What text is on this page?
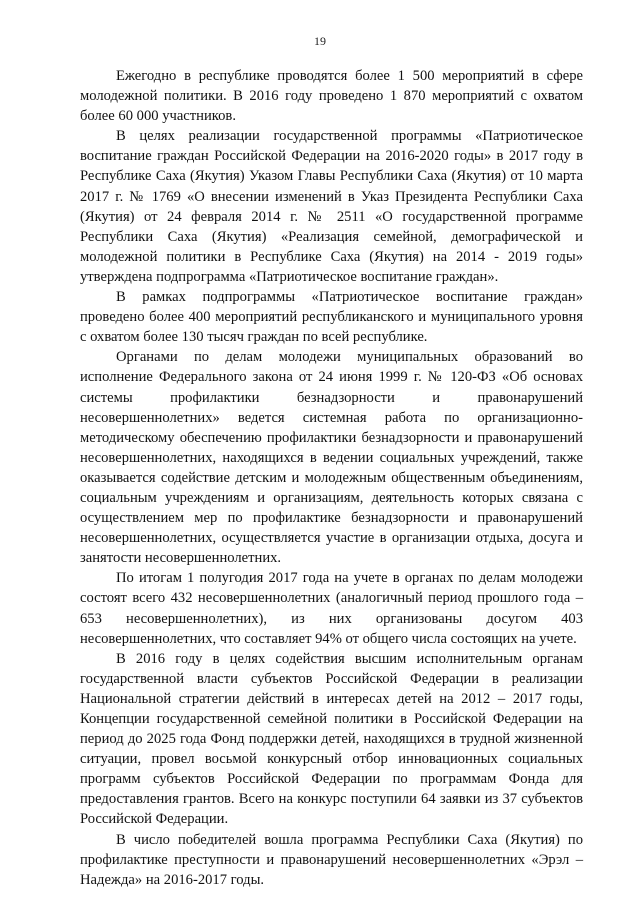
19

Ежегодно в республике проводятся более 1 500 мероприятий в сфере молодежной политики. В 2016 году проведено 1 870 мероприятий с охватом более 60 000 участников.

В целях реализации государственной программы «Патриотическое воспитание граждан Российской Федерации на 2016-2020 годы» в 2017 году в Республике Саха (Якутия) Указом Главы Республики Саха (Якутия) от 10 марта 2017 г. № 1769 «О внесении изменений в Указ Президента Республики Саха (Якутия) от 24 февраля 2014 г. № 2511 «О государственной программе Республики Саха (Якутия) «Реализация семейной, демографической и молодежной политики в Республике Саха (Якутия) на 2014 - 2019 годы» утверждена подпрограмма «Патриотическое воспитание граждан».

В рамках подпрограммы «Патриотическое воспитание граждан» проведено более 400 мероприятий республиканского и муниципального уровня с охватом более 130 тысяч граждан по всей республике.

Органами по делам молодежи муниципальных образований во исполнение Федерального закона от 24 июня 1999 г. № 120-ФЗ «Об основах системы профилактики безнадзорности и правонарушений несовершеннолетних» ведется системная работа по организационно-методическому обеспечению профилактики безнадзорности и правонарушений несовершеннолетних, находящихся в ведении социальных учреждений, также оказывается содействие детским и молодежным общественным объединениям, социальным учреждениям и организациям, деятельность которых связана с осуществлением мер по профилактике безнадзорности и правонарушений несовершеннолетних, осуществляется участие в организации отдыха, досуга и занятости несовершеннолетних.

По итогам 1 полугодия 2017 года на учете в органах по делам молодежи состоят всего 432 несовершеннолетних (аналогичный период прошлого года – 653 несовершеннолетних), из них организованы досугом 403 несовершеннолетних, что составляет 94% от общего числа состоящих на учете.

В 2016 году в целях содействия высшим исполнительным органам государственной власти субъектов Российской Федерации в реализации Национальной стратегии действий в интересах детей на 2012 – 2017 годы, Концепции государственной семейной политики в Российской Федерации на период до 2025 года Фонд поддержки детей, находящихся в трудной жизненной ситуации, провел восьмой конкурсный отбор инновационных социальных программ субъектов Российской Федерации по программам Фонда для предоставления грантов. Всего на конкурс поступили 64 заявки из 37 субъектов Российской Федерации.

В число победителей вошла программа Республики Саха (Якутия) по профилактике преступности и правонарушений несовершеннолетних «Эрэл – Надежда» на 2016-2017 годы.
